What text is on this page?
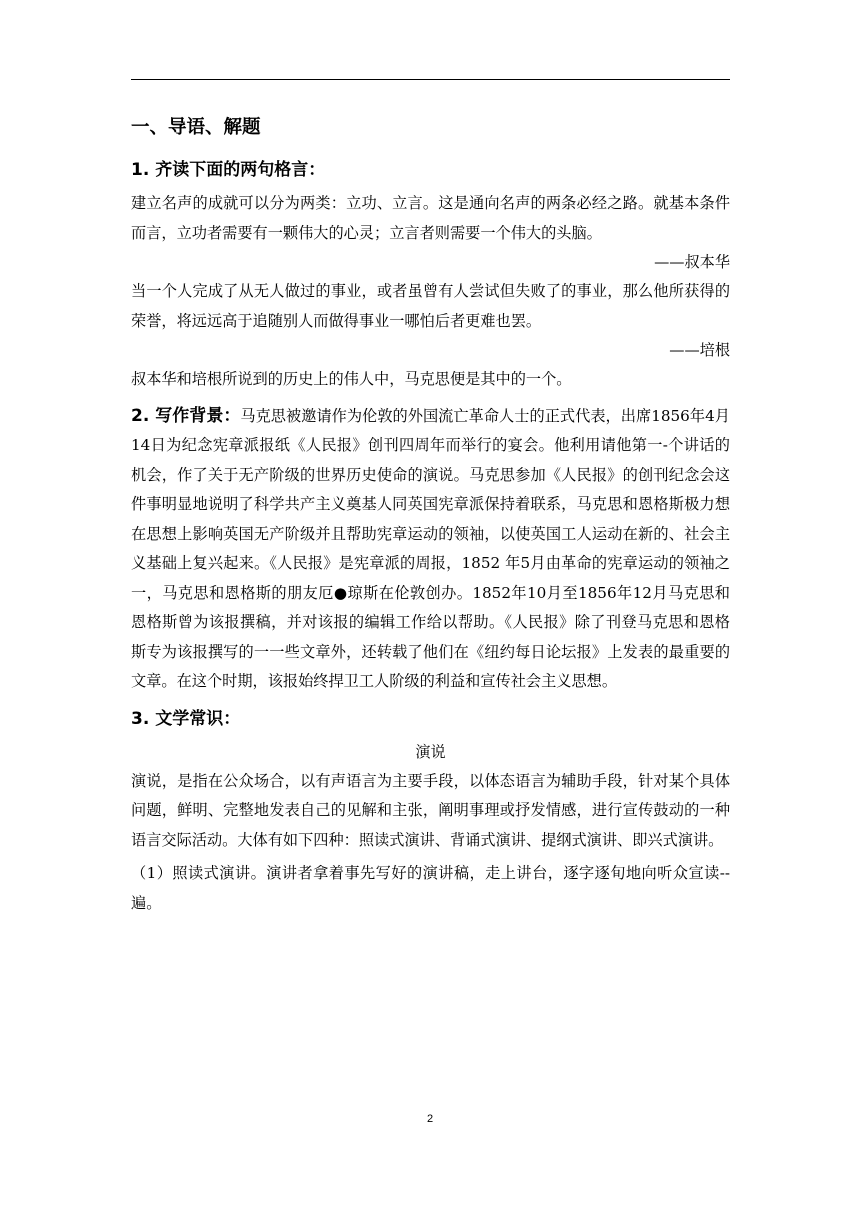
一、导语、解题
1. 齐读下面的两句格言：

建立名声的成就可以分为两类：立功、立言。这是通向名声的两条必经之路。就基本条件而言，立功者需要有一颗伟大的心灵；立言者则需要一个伟大的头脑。

——叔本华

当一个人完成了从无人做过的事业，或者虽曾有人尝试但失败了的事业，那么他所获得的荣誉，将远远高于追随别人而做得事业一哪怕后者更难也罢。

——培根

叔本华和培根所说到的历史上的伟人中，马克思便是其中的一个。

2. 写作背景：马克思被邀请作为伦敦的外国流亡革命人士的正式代表，出席1856年4月14日为纪念宪章派报纸《人民报》创刊四周年而举行的宴会。他利用请他第一-个讲话的机会，作了关于无产阶级的世界历史使命的演说。马克思参加《人民报》的创刊纪念会这件事明显地说明了科学共产主义奠基人同英国宪章派保持着联系，马克思和恩格斯极力想在思想上影响英国无产阶级并且帮助宪章运动的领袖，以使英国工人运动在新的、社会主义基础上复兴起来。《人民报》是宪章派的周报，1852 年5月由革命的宪章运动的领袖之一，马克思和恩格斯的朋友厄●琼斯在伦敦创办。1852年10月至1856年12月马克思和恩格斯曾为该报撰稿，并对该报的编辑工作给以帮助。《人民报》除了刊登马克思和恩格斯专为该报撰写的一一些文章外，还转载了他们在《纽约每日论坛报》上发表的最重要的文章。在这个时期，该报始终捍卫工人阶级的利益和宣传社会主义思想。

3. 文学常识：

演说

演说，是指在公众场合，以有声语言为主要手段，以体态语言为辅助手段，针对某个具体问题，鲜明、完整地发表自己的见解和主张，阐明事理或抒发情感，进行宣传鼓动的一种语言交际活动。大体有如下四种：照读式演讲、背诵式演讲、提纲式演讲、即兴式演讲。

（1）照读式演讲。演讲者拿着事先写好的演讲稿，走上讲台，逐字逐旬地向听众宣读--遍。

2
